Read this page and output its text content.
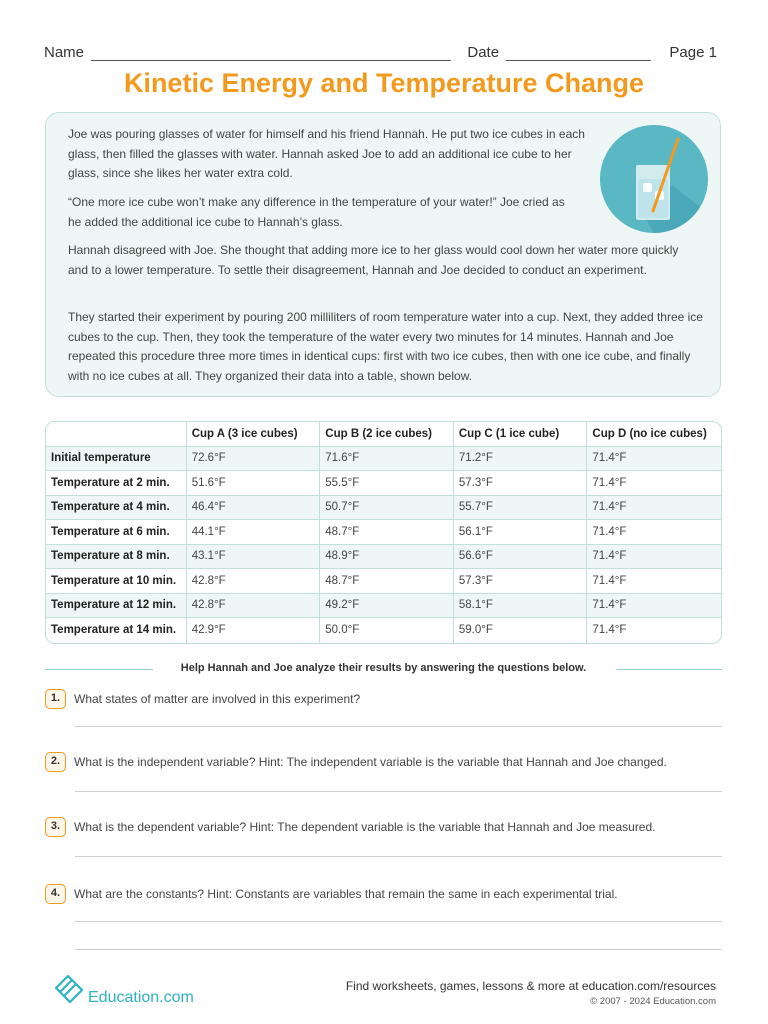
Name	Date	Page 1
Kinetic Energy and Temperature Change

Joe was pouring glasses of water for himself and his friend Hannah. He put two ice cubes in each glass, then filled the glasses with water. Hannah asked Joe to add an additional ice cube to her glass, since she likes her water extra cold.

“One more ice cube won’t make any difference in the temperature of your water!” Joe cried as he added the additional ice cube to Hannah’s glass.

Hannah disagreed with Joe. She thought that adding more ice to her glass would cool down her water more quickly and to a lower temperature. To settle their disagreement, Hannah and Joe decided to conduct an experiment.

They started their experiment by pouring 200 milliliters of room temperature water into a cup. Next, they added three ice cubes to the cup. Then, they took the temperature of the water every two minutes for 14 minutes. Hannah and Joe repeated this procedure three more times in identical cups: first with two ice cubes, then with one ice cube, and finally with no ice cubes at all. They organized their data into a table, shown below.

	Cup A (3 ice cubes)	Cup B (2 ice cubes)	Cup C (1 ice cube)	Cup D (no ice cubes)
Initial temperature	72.6°F	71.6°F	71.2°F	71.4°F
Temperature at 2 min.	51.6°F	55.5°F	57.3°F	71.4°F
Temperature at 4 min.	46.4°F	50.7°F	55.7°F	71.4°F
Temperature at 6 min.	44.1°F	48.7°F	56.1°F	71.4°F
Temperature at 8 min.	43.1°F	48.9°F	56.6°F	71.4°F
Temperature at 10 min.	42.8°F	48.7°F	57.3°F	71.4°F
Temperature at 12 min.	42.8°F	49.2°F	58.1°F	71.4°F
Temperature at 14 min.	42.9°F	50.0°F	59.0°F	71.4°F
Help Hannah and Joe analyze their results by answering the questions below.
1.	What states of matter are involved in this experiment?
2.	What is the independent variable? Hint: The independent variable is the variable that Hannah and Joe changed.
3.	What is the dependent variable? Hint: The dependent variable is the variable that Hannah and Joe measured.
4.	What are the constants? Hint: Constants are variables that remain the same in each experimental trial.
Education.com
Find worksheets, games, lessons & more at education.com/resources
© 2007 - 2024 Education.com
